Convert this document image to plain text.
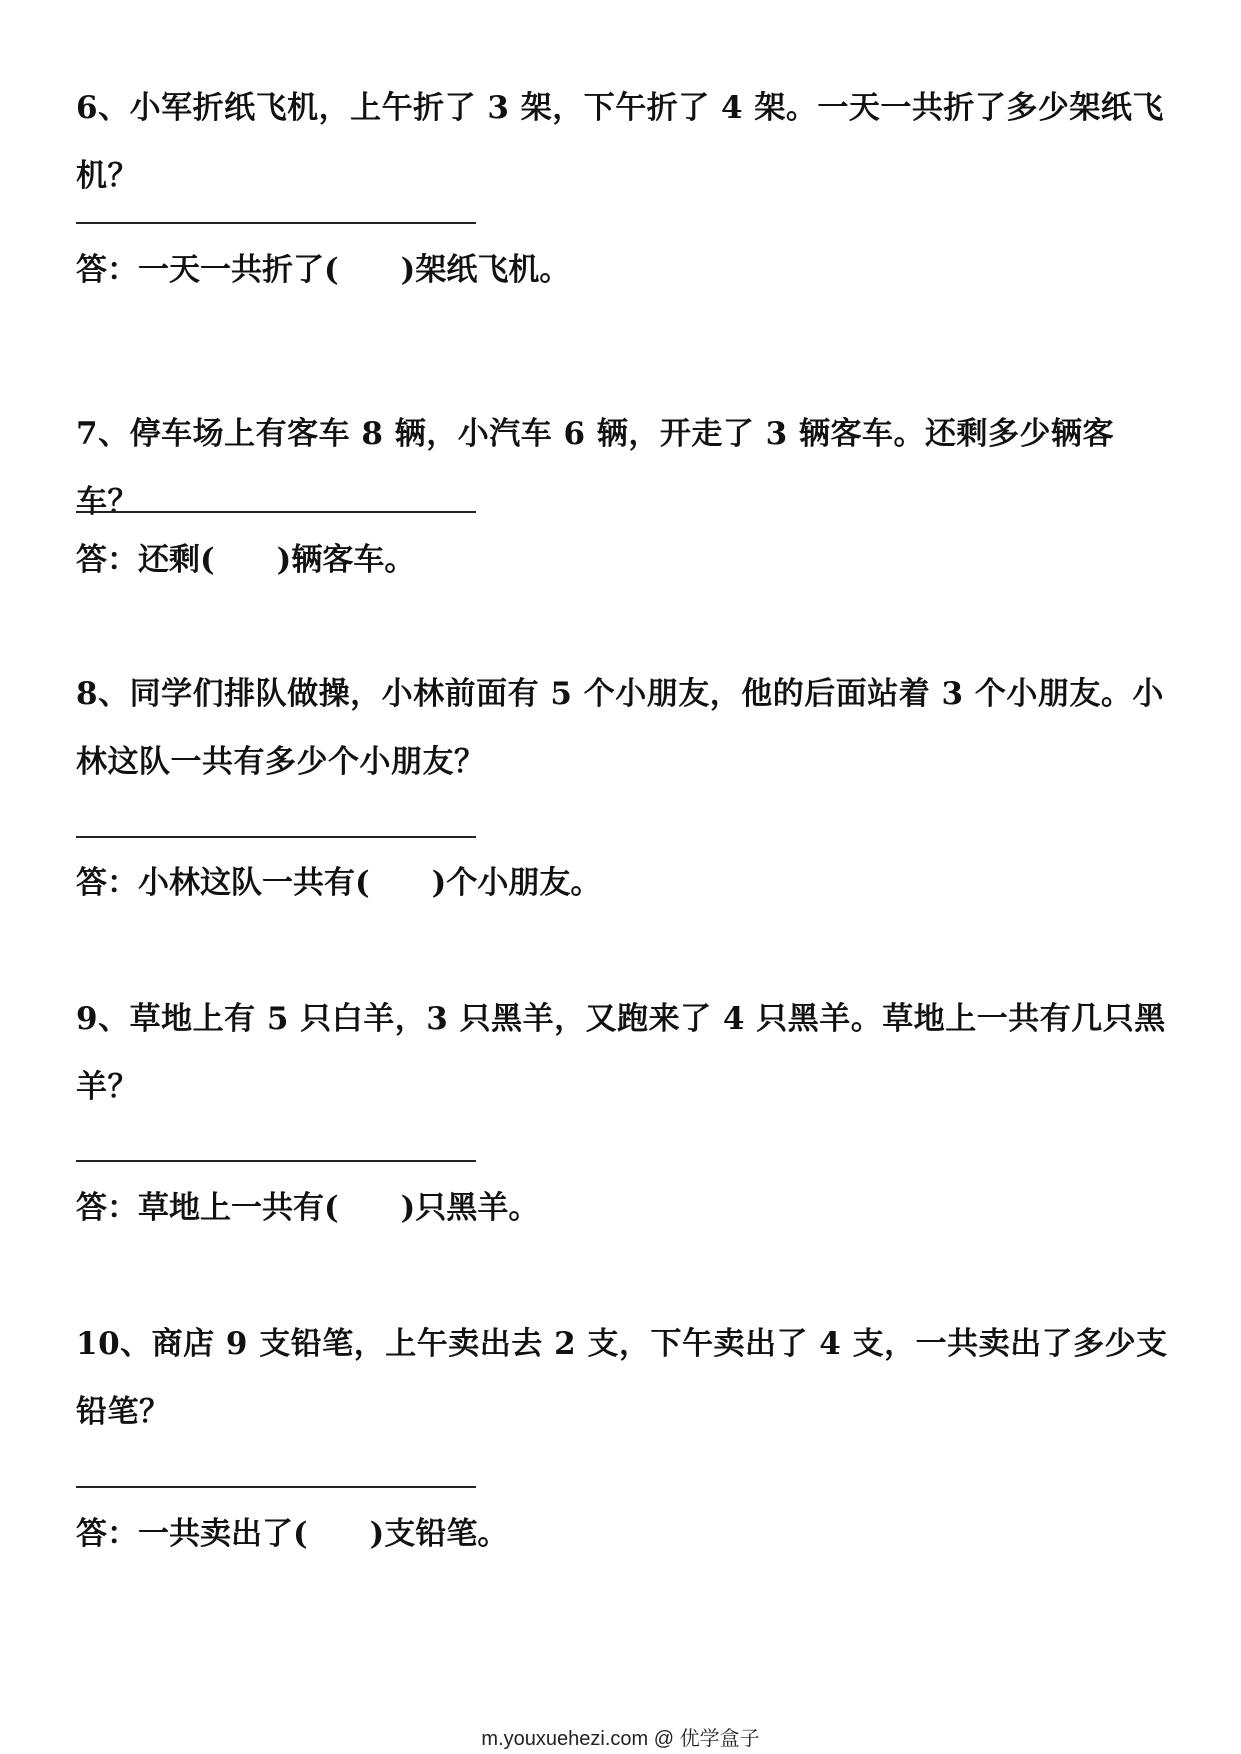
6、小军折纸飞机，上午折了 3 架，下午折了 4 架。一天一共折了多少架纸飞机？

答：一天一共折了( )架纸飞机。

7、停车场上有客车 8 辆，小汽车 6 辆，开走了 3 辆客车。还剩多少辆客车？

答：还剩( )辆客车。

8、同学们排队做操，小林前面有 5 个小朋友，他的后面站着 3 个小朋友。小林这队一共有多少个小朋友？

答：小林这队一共有( )个小朋友。

9、草地上有 5 只白羊，3 只黑羊，又跑来了 4 只黑羊。草地上一共有几只黑羊？

答：草地上一共有( )只黑羊。

10、商店 9 支铅笔，上午卖出去 2 支，下午卖出了 4 支，一共卖出了多少支铅笔？

答：一共卖出了( )支铅笔。
m.youxuehezi.com @ 优学盒子
